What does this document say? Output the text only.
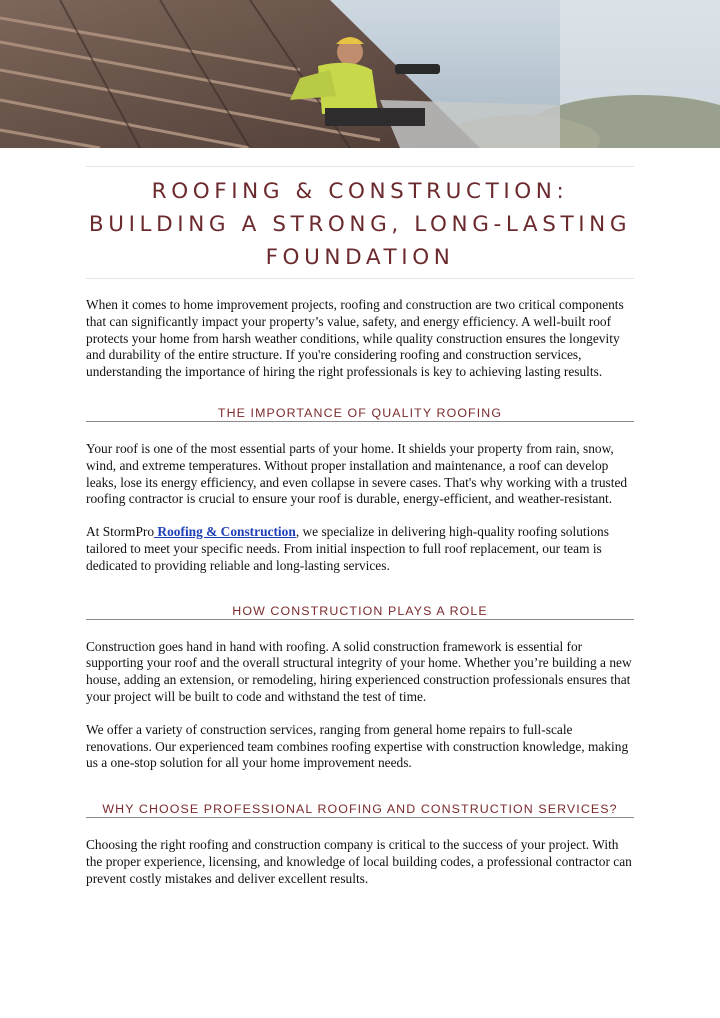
ROOFING & CONSTRUCTION:
BUILDING A STRONG, LONG-LASTING
FOUNDATION

When it comes to home improvement projects, roofing and construction are two critical components that can significantly impact your property’s value, safety, and energy efficiency. A well-built roof protects your home from harsh weather conditions, while quality construction ensures the longevity and durability of the entire structure. If you're considering roofing and construction services, understanding the importance of hiring the right professionals is key to achieving lasting results.

THE IMPORTANCE OF QUALITY ROOFING

Your roof is one of the most essential parts of your home. It shields your property from rain, snow, wind, and extreme temperatures. Without proper installation and maintenance, a roof can develop leaks, lose its energy efficiency, and even collapse in severe cases. That's why working with a trusted roofing contractor is crucial to ensure your roof is durable, energy-efficient, and weather-resistant.

At StormPro Roofing & Construction, we specialize in delivering high-quality roofing solutions tailored to meet your specific needs. From initial inspection to full roof replacement, our team is dedicated to providing reliable and long-lasting services.

HOW CONSTRUCTION PLAYS A ROLE

Construction goes hand in hand with roofing. A solid construction framework is essential for supporting your roof and the overall structural integrity of your home. Whether you’re building a new house, adding an extension, or remodeling, hiring experienced construction professionals ensures that your project will be built to code and withstand the test of time.

We offer a variety of construction services, ranging from general home repairs to full-scale renovations. Our experienced team combines roofing expertise with construction knowledge, making us a one-stop solution for all your home improvement needs.

WHY CHOOSE PROFESSIONAL ROOFING AND CONSTRUCTION SERVICES?

Choosing the right roofing and construction company is critical to the success of your project. With the proper experience, licensing, and knowledge of local building codes, a professional contractor can prevent costly mistakes and deliver excellent results.
